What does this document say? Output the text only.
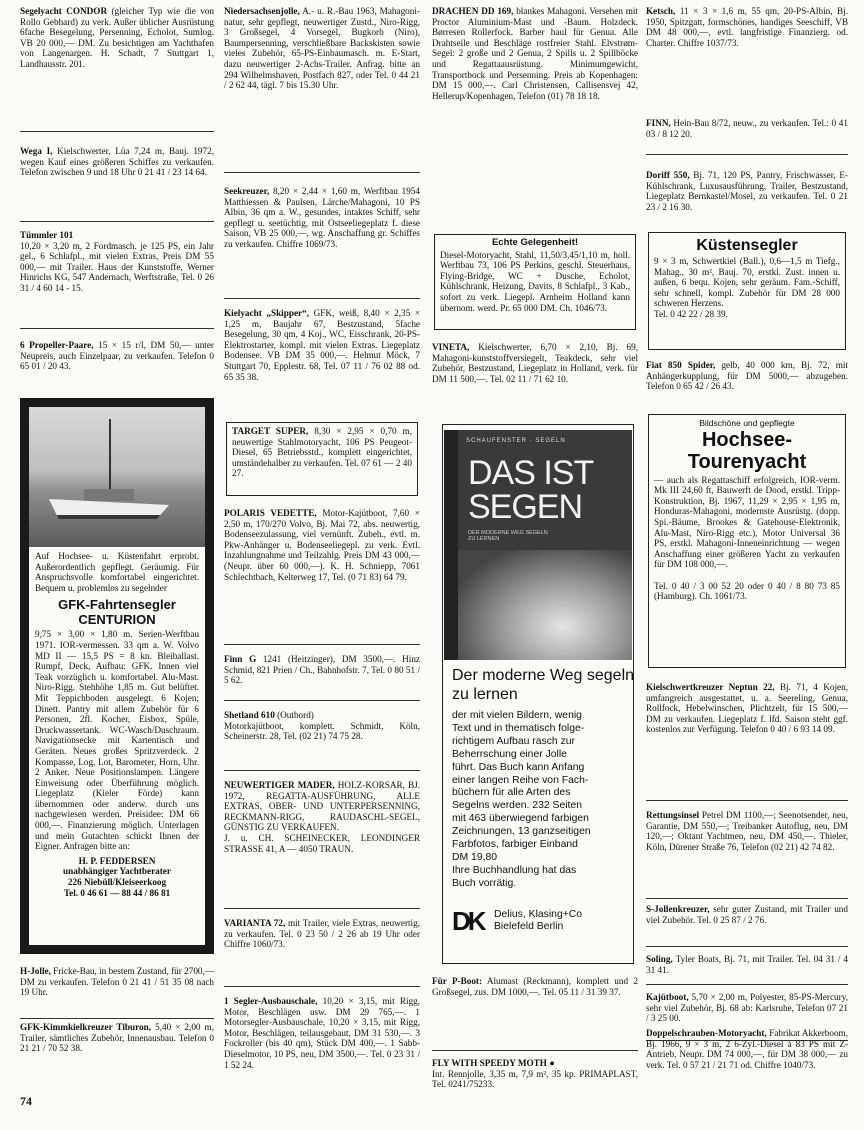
Segelyacht CONDOR (gleicher Typ wie die von Rollo Gebhard) zu verk. Außer üblicher Ausrüstung 6fache Besegelung, Persenning, Echolot, Sumlog. VB 20 000,— DM. Zu besichtigen am Yachthafen von Langenargen. H. Schadt, 7 Stuttgart 1, Landhausstr. 201.
Wega I, Kielschwerter, Lüa 7,24 m, Bauj. 1972, wegen Kauf eines größeren Schiffes zu verkaufen. Telefon zwischen 9 und 18 Uhr 0 21 41 / 23 14 64.
Tümmler 101
10,20 × 3,20 m, 2 Fordmasch. je 125 PS, ein Jahr gel., 6 Schlafpl., mit vielen Extras, Preis DM 55 000,— mit Trailer. Haus der Kunststoffe, Werner Hinrichs KG, 547 Andernach, Werftstraße, Tel. 0 26 31 / 4 60 14 - 15.
6 Propeller-Paare, 15 × 15 r/l, DM 50,— unter Neupreis, auch Einzelpaar, zu verkaufen. Telefon 0 65 01 / 20 43.
Auf Hochsee- u. Küstenfahrt erprobt. Außerordentlich gepflegt. Geräumig. Für Anspruchsvolle komfortabel eingerichtet. Bequem u. problemlos zu segelnder
GFK-Fahrtensegler CENTURION
9,75 × 3,00 × 1,80 m. Serien-Werftbau 1971. IOR-vermessen. 33 qm a. W. Volvo MD II — 15,5 PS = 8 kn. Bleiballast. Rumpf, Deck, Aufbau: GFK. Innen viel Teak vorzüglich u. komfortabel. Alu-Mast. Niro-Rigg. Stehhöhe 1,85 m. Gut belüftet. Mit Teppichboden ausgelegt. 6 Kojen; Dinett. Pantry mit allem Zubehör für 6 Personen, 2fl. Kocher, Eisbox, Spüle, Druckwassertank. WC-Wasch/Duschraum. Navigationsecke mit Kartentisch und Geräten. Neues großes Spritzverdeck. 2 Kompasse, Log, Lot, Barometer, Horn, Uhr. 2 Anker. Neue Positionslampen. Längere Einweisung oder Überführung möglich. Liegeplatz (Kieler Förde) kann übernommen oder anderw. durch uns nachgewiesen werden. Preisidee: DM 66 000,—. Finanzierung möglich. Unterlagen und mein Gutachten schickt Ihnen der Eigner. Anfragen bitte an:
H. P. FEDDERSEN
unabhängiger Yachtberater
226 Niebüll/Kleiseerkoog
Tel. 0 46 61 — 88 44 / 86 81
H-Jolle, Fricke-Bau, in bestem Zustand, für 2700,— DM zu verkaufen. Telefon 0 21 41 / 51 35 08 nach 19 Uhr.
GFK-Kimmkielkreuzer Tiburon, 5,40 × 2,00 m, Trailer, sämtliches Zubehör, Innenausbau. Telefon 0 21 21 / 70 52 38.
Niedersachsenjolle, A.- u. R.-Bau 1963, Mahagoni-natur, sehr gepflegt, neuwertiger Zustd., Niro-Rigg, 3 Großsegel, 4 Vorsegel, Bugkorb (Niro), Baumpersenning, verschließbare Backskisten sowie vieles Zubehör, 65-PS-Einbaumasch. m. E-Start, dazu neuwertiger 2-Achs-Trailer. Anfrag. bitte an 294 Wilhelmshaven, Postfach 827, oder Tel. 0 44 21 / 2 62 44, tägl. 7 bis 15.30 Uhr.
Seekreuzer, 8,20 × 2,44 × 1,60 m, Werftbau 1954 Matthiessen & Paulsen, Lärche/Mahagoni, 10 PS Albin, 36 qm a. W., gesundes, intaktes Schiff, sehr gepflegt u. seetüchtig, mit Ostseeliegeplatz f. diese Saison, VB 25 000,—, wg. Anschaffung gr. Schiffes zu verkaufen. Chiffre 1069/73.
Kielyacht „Skipper“, GFK, weiß, 8,40 × 2,35 × 1,25 m, Baujahr 67, Bestzustand, 5fache Besegelung, 30 qm, 4 Koj., WC, Eisschrank, 20-PS-Elektrostarter, kompl. mit vielen Extras. Liegeplatz Bodensee. VB DM 35 000,—. Helmut Möck, 7 Stuttgart 70, Epplestr. 68, Tel. 07 11 / 76 02 88 od. 65 35 38.
TARGET SUPER, 8,30 × 2,95 × 0,70 m, neuwertige Stahlmotoryacht, 106 PS Peugeot-Diesel, 65 Betriebsstd., komplett eingerichtet, umständehalber zu verkaufen. Tel. 07 61 — 2 40 27.
POLARIS VEDETTE, Motor-Kajütboot, 7,60 × 2,50 m, 170/270 Volvo, Bj. Mai 72, abs. neuwertig, Bodenseezulassung, viel vernünft. Zubeh., evtl. m. Pkw-Anhänger u. Bodenseeliegepl. zu verk. Evtl. Inzahlungnahme und Teilzahlg. Preis DM 43 000,— (Neupr. über 60 000,—). K. H. Schniepp, 7061 Schlechtbach, Kelterweg 17, Tel. (0 71 83) 64 79.
Finn G 1241 (Heitzinger), DM 3500,—. Hinz Schmid, 821 Prien / Ch., Bahnhofstr. 7, Tel. 0 80 51 / 5 62.
Shetland 610 (Outbord)
Motorkajütboot, komplett. Schmidt, Köln, Scheinerstr. 28, Tel. (02 21) 74 75 28.
NEUWERTIGER MADER, HOLZ-KORSAR, BJ. 1972, REGATTA-AUSFÜHRUNG, ALLE EXTRAS, OBER- UND UNTERPERSENNING, RECKMANN-RIGG, RAUDASCHL-SEGEL, GÜNSTIG ZU VERKAUFEN.
J. u. CH. SCHEINECKER, LEONDINGER STRASSE 41, A — 4050 TRAUN.
VARIANTA 72, mit Trailer, viele Extras, neuwertig, zu verkaufen. Tel. 0 23 50 / 2 26 ab 19 Uhr oder Chiffre 1060/73.
1 Segler-Ausbauschale, 10,20 × 3,15, mit Rigg, Motor, Beschlägen usw. DM 29 765,—. 1 Motorsegler-Ausbauschale, 10,20 × 3,15, mit Rigg, Motor, Beschlägen, teilausgebaut, DM 31 530,—. 3 Fockroller (bis 40 qm), Stück DM 400,—. 1 Sabb-Dieselmotor, 10 PS, neu, DM 3500,—. Tel. 0 23 31 / 1 52 24.
DRACHEN DD 169, blankes Mahagoni. Versehen mit Proctor Aluminium-Mast und -Baum. Holzdeck. Børresen Rollerfock. Barber haul für Genua. Alle Drahtseile und Beschläge rostfreier Stahl. Elvstrøm-Segel: 2 große und 2 Genua, 2 Spills u. 2 Spillböcke und Regattaausrüstung. Minimumgewicht, Transportbock und Persenning. Preis ab Kopenhagen: DM 15 000,—. Carl Christensen, Callisensvej 42, Hellerup/Kopenhagen, Telefon (01) 78 18 18.
Echte Gelegenheit!
Diesel-Motoryacht, Stahl, 11,50/3,45/1,10 m, holl. Werftbau 73, 106 PS Perkins, geschl. Steuerhaus, Flying-Bridge, WC + Dusche, Echolot, Kühlschrank, Heizung, Davits, 8 Schlafpl., 3 Kab., sofort zu verk. Liegepl. Arnheim Holland kann übernom. werd. Pr. 65 000 DM. Ch. 1046/73.
VINETA, Kielschwerter, 6,70 × 2,10, Bj. 69, Mahagoni-kunststoffversiegelt, Teakdeck, sehr viel Zubehör, Bestzustand, Liegeplatz in Holland, verk. für DM 11 500,—. Tel. 02 11 / 71 62 10.
SCHAUFENSTER · SEGELN
DAS IST
SEGEN
DER MODERNE WEG SEGELN ZU LERNEN
Der moderne Weg segeln zu lernen
der mit vielen Bildern, wenig
Text und in thematisch folge-
richtigem Aufbau rasch zur
Beherrschung einer Jolle
führt. Das Buch kann Anfang
einer langen Reihe von Fach-
büchern für alle Arten des
Segelns werden. 232 Seiten
mit 463 überwiegend farbigen
Zeichnungen, 13 ganzseitigen
Farbfotos, farbiger Einband
DM 19,80
Ihre Buchhandlung hat das
Buch vorrätig.
DK Delius, Klasing+Co
Bielefeld Berlin
Für P-Boot: Alumast (Reckmann), komplett und 2 Großsegel, zus. DM 1000,—. Tel. 05 11 / 31 39 37.
FLY WITH SPEEDY MOTH ●
Int. Rennjolle, 3,35 m, 7,9 m², 35 kp. PRIMAPLAST, Tel. 0241/75233.
Ketsch, 11 × 3 × 1,6 m, 55 qm, 20-PS-Albin, Bj. 1950, Spitzgatt, formschönes, handiges Seeschiff, VB DM 48 000,—, evtl. langfristige Finanzierg. od. Charter. Chiffre 1037/73.
FINN, Hein-Bau 8/72, neuw., zu verkaufen. Tel.: 0 41 03 / 8 12 20.
Doriff 550, Bj. 71, 120 PS, Pantry, Frischwasser, E-Kühlschrank, Luxusausführung, Trailer, Bestzustand, Liegeplatz Bernkastel/Mosel, zu verkaufen. Tel. 0 21 23 / 2 16 30.
Küstensegler
9 × 3 m, Schwertkiel (Ball.), 0,6—1,5 m Tiefg., Mahag., 30 m², Bauj. 70, erstkl. Zust. innen u. außen, 6 bequ. Kojen, sehr geräum. Fam.-Schiff, sehr schnell, kompl. Zubehör für DM 28 000 schweren Herzens.
Tel. 0 42 22 / 28 39.
Fiat 850 Spider, gelb, 40 000 km, Bj. 72, mit Anhängerkupplung, für DM 5000,— abzugeben. Telefon 0 65 42 / 26 43.
Bildschöne und gepflegte
Hochsee-Tourenyacht
— auch als Regattaschiff erfolgreich, IOR-verm. Mk III 24,60 ft, Bauwerft de Dood, erstkl. Tripp-Konstruktion, Bj. 1967, 11,29 × 2,95 × 1,95 m, Honduras-Mahagoni, modernste Ausrüstg. (dopp. Spi.-Bäume, Brookes & Gatehouse-Elektronik, Alu-Mast, Niro-Rigg etc.), Motor Universal 36 PS, erstkl. Mahagoni-Inneneinrichtung — wegen Anschaffung einer größeren Yacht zu verkaufen für DM 108 000,—.

Tel. 0 40 / 3 00 52 20 oder 0 40 / 8 80 73 85 (Hamburg). Ch. 1061/73.
Kielschwertkreuzer Neptun 22, Bj. 71, 4 Kojen, umfangreich ausgestattet, u. a. Seereling, Genua, Rollfock, Hebelwinschen, Plichtzelt, für 15 500,— DM zu verkaufen. Liegeplatz f. lfd. Saison steht ggf. kostenlos zur Verfügung. Telefon 0 40 / 6 93 14 09.
Rettungsinsel Petrel DM 1100,—; Seenotsender, neu, Garantie, DM 550,—; Treibanker Autoflug, neu, DM 120,—; Oktant Yachtmen, neu, DM 450,—. Thieler, Köln, Dürener Straße 76, Telefon (02 21) 42 74 82.
S-Jollenkreuzer, sehr guter Zustand, mit Trailer und viel Zubehör. Tel. 0 25 87 / 2 76.
Soling, Tyler Boats, Bj. 71, mit Trailer. Tel. 04 31 / 4 31 41.
Kajütboot, 5,70 × 2,00 m, Polyester, 85-PS-Mercury, sehr viel Zubehör, Bj. 68 ab: Karlsruhe, Telefon 07 21 / 3 25 00.
Doppelschrauben-Motoryacht, Fabrikat Akkerboom, Bj. 1966, 9 × 3 m, 2 6-Zyl.-Diesel à 83 PS mit Z-Antrieb, Neupr. DM 74 000,—, für DM 38 000,— zu verk. Tel. 0 57 21 / 21 71 od. Chiffre 1040/73.
74
